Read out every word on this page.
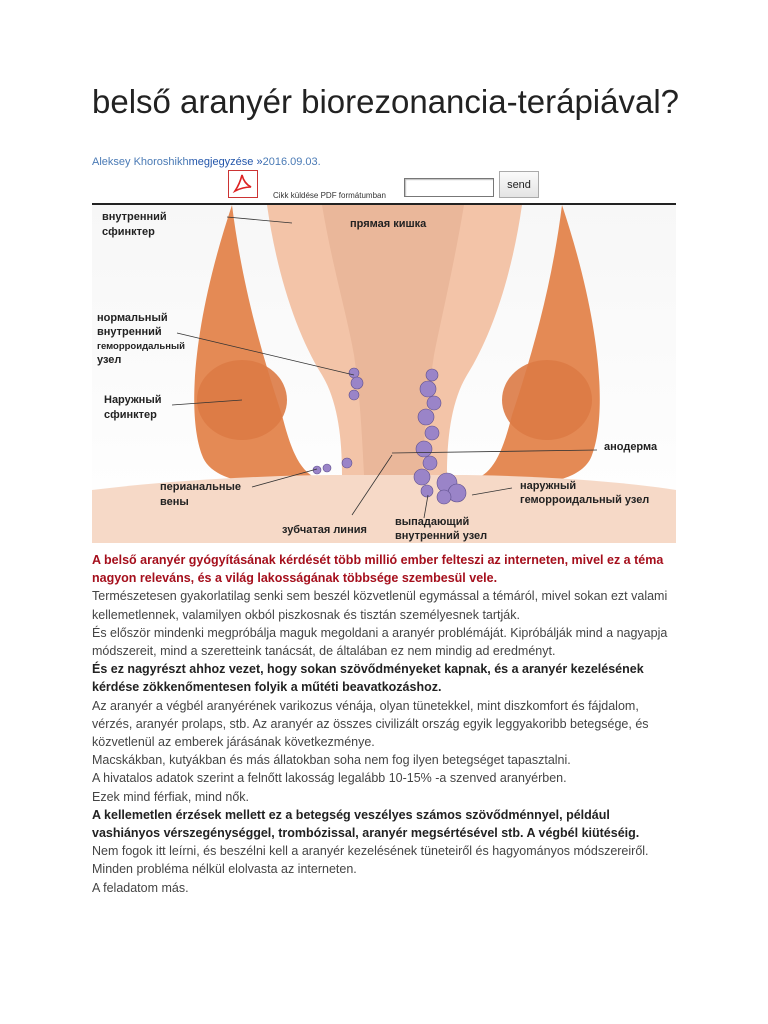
belső aranyér biorezonancia-terápiával?
Aleksey Khoroshikhmegjegyzése »2016.09.03.
Cikk küldése PDF formátumban
send
внутренний сфинктер
прямая кишка
нормальный внутренний геморроидальный узел
Наружный сфинктер
анодерма
перианальные вены
наружный геморроидальный узел
зубчатая линия
выпадающий внутренний узел

A belső aranyér gyógyításának kérdését több millió ember felteszi az interneten, mivel ez a téma nagyon releváns, és a világ lakosságának többsége szembesül vele.

Természetesen gyakorlatilag senki sem beszél közvetlenül egymással a témáról, mivel sokan ezt valami kellemetlennek, valamilyen okból piszkosnak és tisztán személyesnek tartják.

És először mindenki megpróbálja maguk megoldani a aranyér problémáját. Kipróbálják mind a nagyapja módszereit, mind a szeretteink tanácsát, de általában ez nem mindig ad eredményt.

És ez nagyrészt ahhoz vezet, hogy sokan szövődményeket kapnak, és a aranyér kezelésének kérdése zökkenőmentesen folyik a műtéti beavatkozáshoz.

Az aranyér a végbél aranyérének varikozus vénája, olyan tünetekkel, mint diszkomfort és fájdalom, vérzés, aranyér prolaps, stb. Az aranyér az összes civilizált ország egyik leggyakoribb betegsége, és közvetlenül az emberek járásának következménye.

Macskákban, kutyákban és más állatokban soha nem fog ilyen betegséget tapasztalni.

A hivatalos adatok szerint a felnőtt lakosság legalább 10-15% -a szenved aranyérben.

Ezek mind férfiak, mind nők.

A kellemetlen érzések mellett ez a betegség veszélyes számos szövődménnyel, például vashiányos vérszegénységgel, trombózissal, aranyér megsértésével stb. A végbél kiütéséig.

Nem fogok itt leírni, és beszélni kell a aranyér kezelésének tüneteiről és hagyományos módszereiről. Minden probléma nélkül elolvasta az interneten.

A feladatom más.
